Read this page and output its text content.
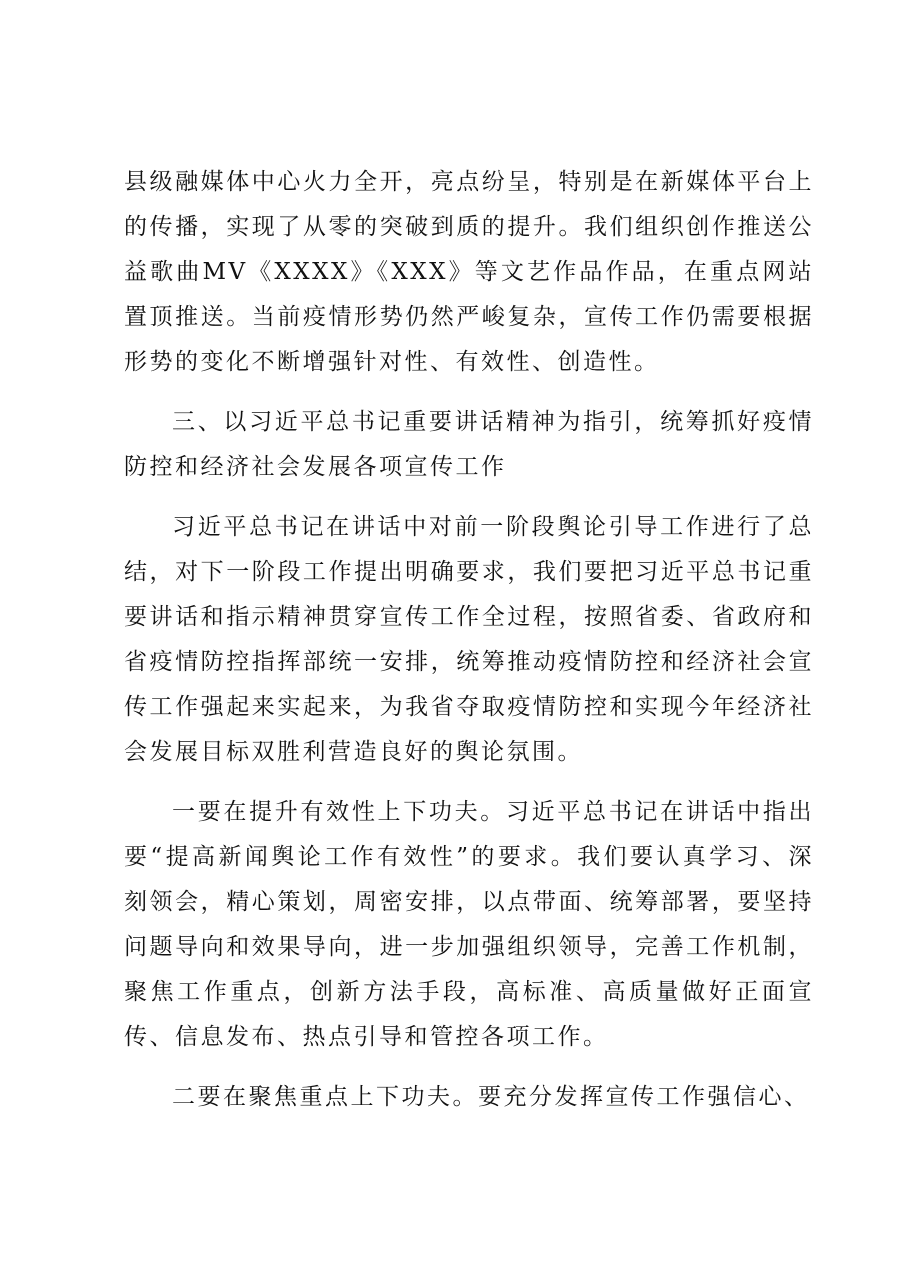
县级融媒体中心火力全开，亮点纷呈，特别是在新媒体平台上的传播，实现了从零的突破到质的提升。我们组织创作推送公益歌曲MV《XXXX》《XXX》等文艺作品作品，在重点网站置顶推送。当前疫情形势仍然严峻复杂，宣传工作仍需要根据形势的变化不断增强针对性、有效性、创造性。

三、以习近平总书记重要讲话精神为指引，统筹抓好疫情防控和经济社会发展各项宣传工作

习近平总书记在讲话中对前一阶段舆论引导工作进行了总结，对下一阶段工作提出明确要求，我们要把习近平总书记重要讲话和指示精神贯穿宣传工作全过程，按照省委、省政府和省疫情防控指挥部统一安排，统筹推动疫情防控和经济社会宣传工作强起来实起来，为我省夺取疫情防控和实现今年经济社会发展目标双胜利营造良好的舆论氛围。

一要在提升有效性上下功夫。习近平总书记在讲话中指出要“提高新闻舆论工作有效性”的要求。我们要认真学习、深刻领会，精心策划，周密安排，以点带面、统筹部署，要坚持问题导向和效果导向，进一步加强组织领导，完善工作机制，聚焦工作重点，创新方法手段，高标准、高质量做好正面宣传、信息发布、热点引导和管控各项工作。

二要在聚焦重点上下功夫。要充分发挥宣传工作强信心、
